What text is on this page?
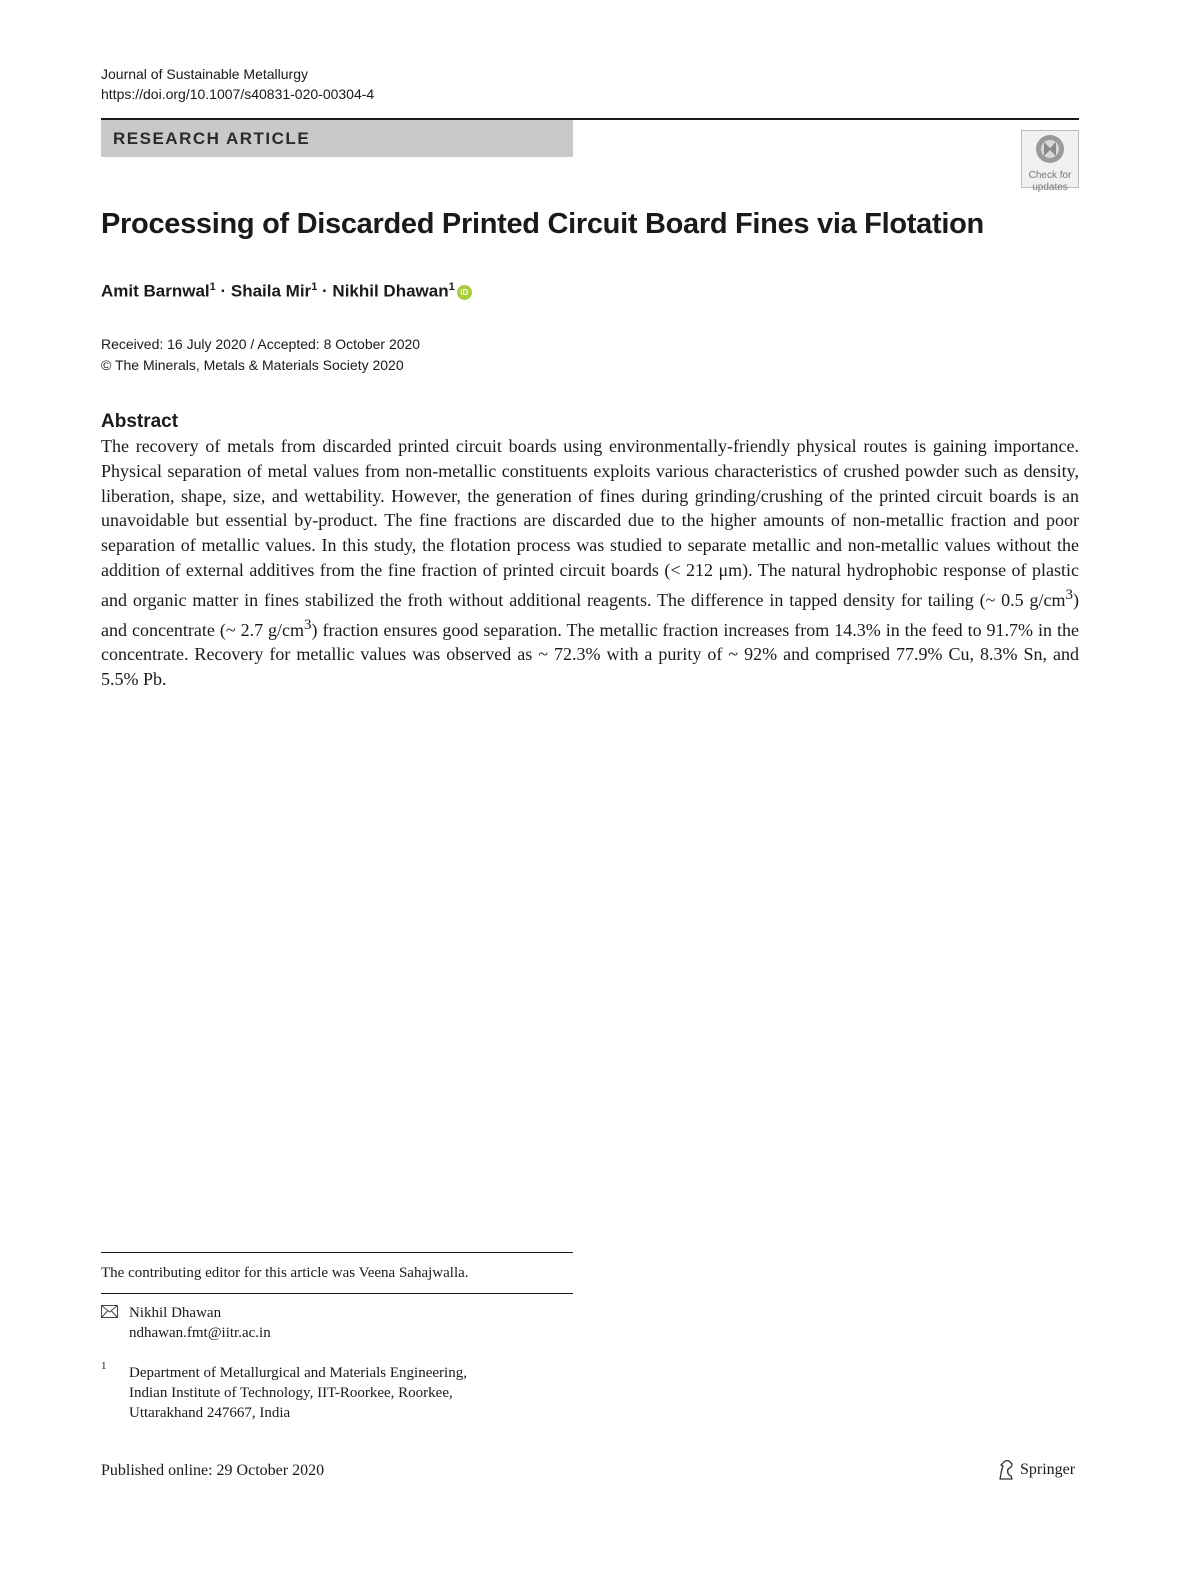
Journal of Sustainable Metallurgy
https://doi.org/10.1007/s40831-020-00304-4
RESEARCH ARTICLE
Check for
updates
Processing of Discarded Printed Circuit Board Fines via Flotation
Amit Barnwal$^1$ · Shaila Mir$^1$ · Nikhil Dhawan$^1$ iD
Received: 16 July 2020 / Accepted: 8 October 2020
© The Minerals, Metals & Materials Society 2020
Abstract
The recovery of metals from discarded printed circuit boards using environmentally-friendly physical routes is gaining importance. Physical separation of metal values from non-metallic constituents exploits various characteristics of crushed powder such as density, liberation, shape, size, and wettability. However, the generation of fines during grinding/crushing of the printed circuit boards is an unavoidable but essential by-product. The fine fractions are discarded due to the higher amounts of non-metallic fraction and poor separation of metallic values. In this study, the flotation process was studied to separate metallic and non-metallic values without the addition of external additives from the fine fraction of printed circuit boards (< 212 μm). The natural hydrophobic response of plastic and organic matter in fines stabilized the froth without additional reagents. The difference in tapped density for tailing (~ 0.5 $g/cm^3$) and concentrate (~ 2.7 $g/cm^3$) fraction ensures good separation. The metallic fraction increases from 14.3% in the feed to 91.7% in the concentrate. Recovery for metallic values was observed as ~ 72.3% with a purity of ~ 92% and comprised 77.9% Cu, 8.3% Sn, and 5.5% Pb.
The contributing editor for this article was Veena Sahajwalla.
Nikhil Dhawan
ndhawan.fmt@iitr.ac.in
1 Department of Metallurgical and Materials Engineering,
Indian Institute of Technology, IIT-Roorkee, Roorkee,
Uttarakhand 247667, India
Published online: 29 October 2020	Springer
